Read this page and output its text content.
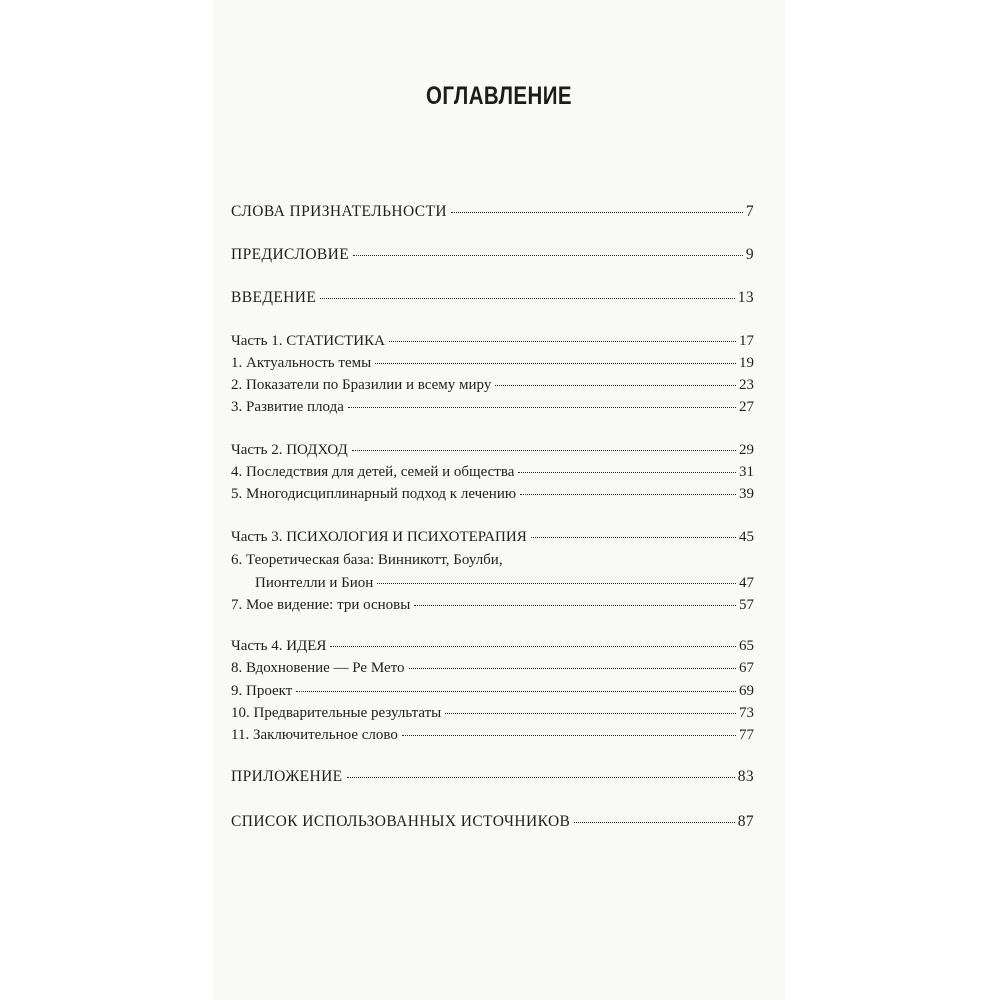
ОГЛАВЛЕНИЕ
СЛОВА ПРИЗНАТЕЛЬНОСТИ	7
ПРЕДИСЛОВИЕ	9
ВВЕДЕНИЕ	13
Часть 1. СТАТИСТИКА	17
1. Актуальность темы	19
2. Показатели по Бразилии и всему миру	23
3. Развитие плода	27
Часть 2. ПОДХОД	29
4. Последствия для детей, семей и общества	31
5. Многодисциплинарный подход к лечению	39
Часть 3. ПСИХОЛОГИЯ И ПСИХОТЕРАПИЯ	45
6. Теоретическая база: Винникотт, Боулби,
Пионтелли и Бион	47
7. Мое видение: три основы	57
Часть 4. ИДЕЯ	65
8. Вдохновение — Ре Мето	67
9. Проект	69
10. Предварительные результаты	73
11. Заключительное слово	77
ПРИЛОЖЕНИЕ	83
СПИСОК ИСПОЛЬЗОВАННЫХ ИСТОЧНИКОВ	87
